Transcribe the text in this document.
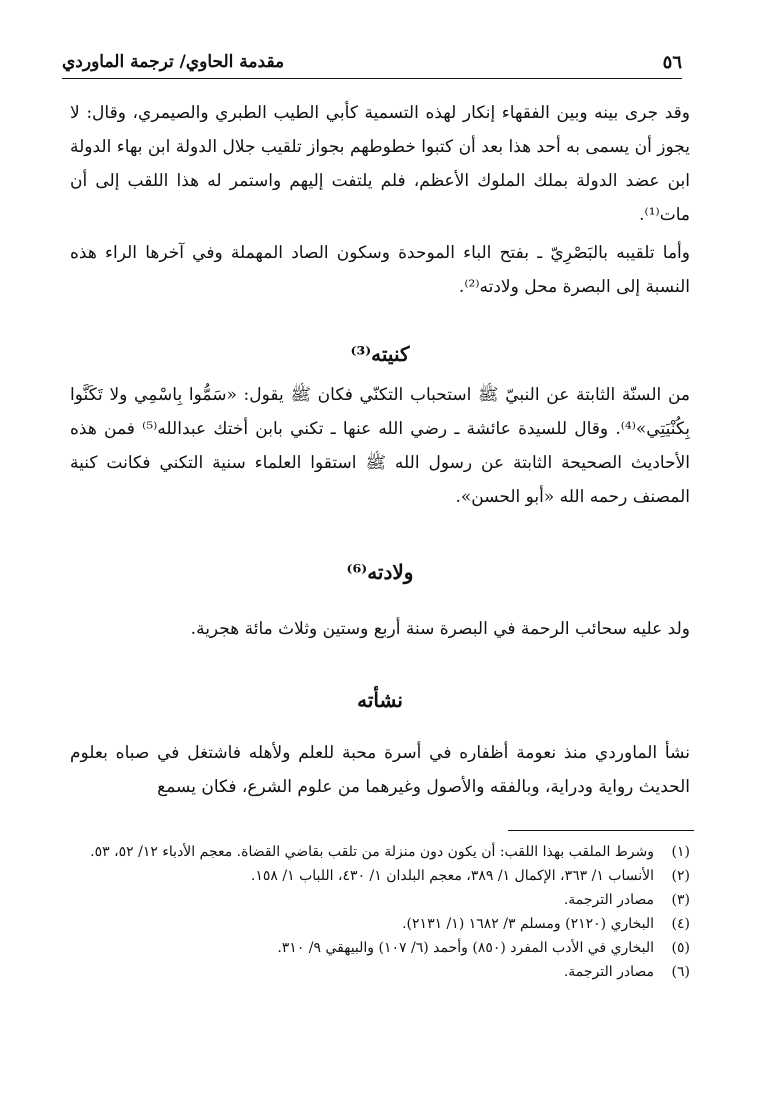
٥٦
مقدمة الحاوي/ ترجمة الماوردي

وقد جرى بينه وبين الفقهاء إنكار لهذه التسمية كأبي الطيب الطبري والصيمري، وقال: لا يجوز أن يسمى به أحد هذا بعد أن كتبوا خطوطهم بجواز تلقيب جلال الدولة ابن بهاء الدولة ابن عضد الدولة بملك الملوك الأعظم، فلم يلتفت إليهم واستمر له هذا اللقب إلى أن مات⁽¹⁾.

وأما تلقيبه بالبَصْرِيّ ـ بفتح الباء الموحدة وسكون الصاد المهملة وفي آخرها الراء هذه النسبة إلى البصرة محل ولادته⁽²⁾.

كنيته⁽³⁾

من السنّة الثابتة عن النبيّ ﷺ استحباب التكنّي فكان ﷺ يقول: «سَمُّوا بِاسْمِي ولا تَكَنَّوا بِكُنْيَتِي»⁽⁴⁾. وقال للسيدة عائشة ـ رضي الله عنها ـ تكني بابن أختك عبدالله⁽⁵⁾ فمن هذه الأحاديث الصحيحة الثابتة عن رسول الله ﷺ استقوا العلماء سنية التكني فكانت كنية المصنف رحمه الله «أبو الحسن».

ولادته⁽⁶⁾

ولد عليه سحائب الرحمة في البصرة سنة أربع وستين وثلاث مائة هجرية.

نشأته

نشأ الماوردي منذ نعومة أظفاره في أسرة محبة للعلم ولأهله فاشتغل في صباه بعلوم الحديث رواية ودراية، وبالفقه والأصول وغيرهما من علوم الشرع، فكان يسمع

(١)
وشرط الملقب بهذا اللقب: أن يكون دون منزلة من تلقب بقاضي القضاة. معجم الأدباء ١٢/ ٥٢، ٥٣.
(٢)
الأنساب ١/ ٣٦٣، الإكمال ١/ ٣٨٩، معجم البلدان ١/ ٤٣٠، اللباب ١/ ١٥٨.
(٣)
مصادر الترجمة.
(٤)
البخاري (٢١٢٠) ومسلم ٣/ ١٦٨٢ (١/ ٢١٣١).
(٥)
البخاري في الأدب المفرد (٨٥٠) وأحمد (٦/ ١٠٧) والبيهقي ٩/ ٣١٠.
(٦)
مصادر الترجمة.
